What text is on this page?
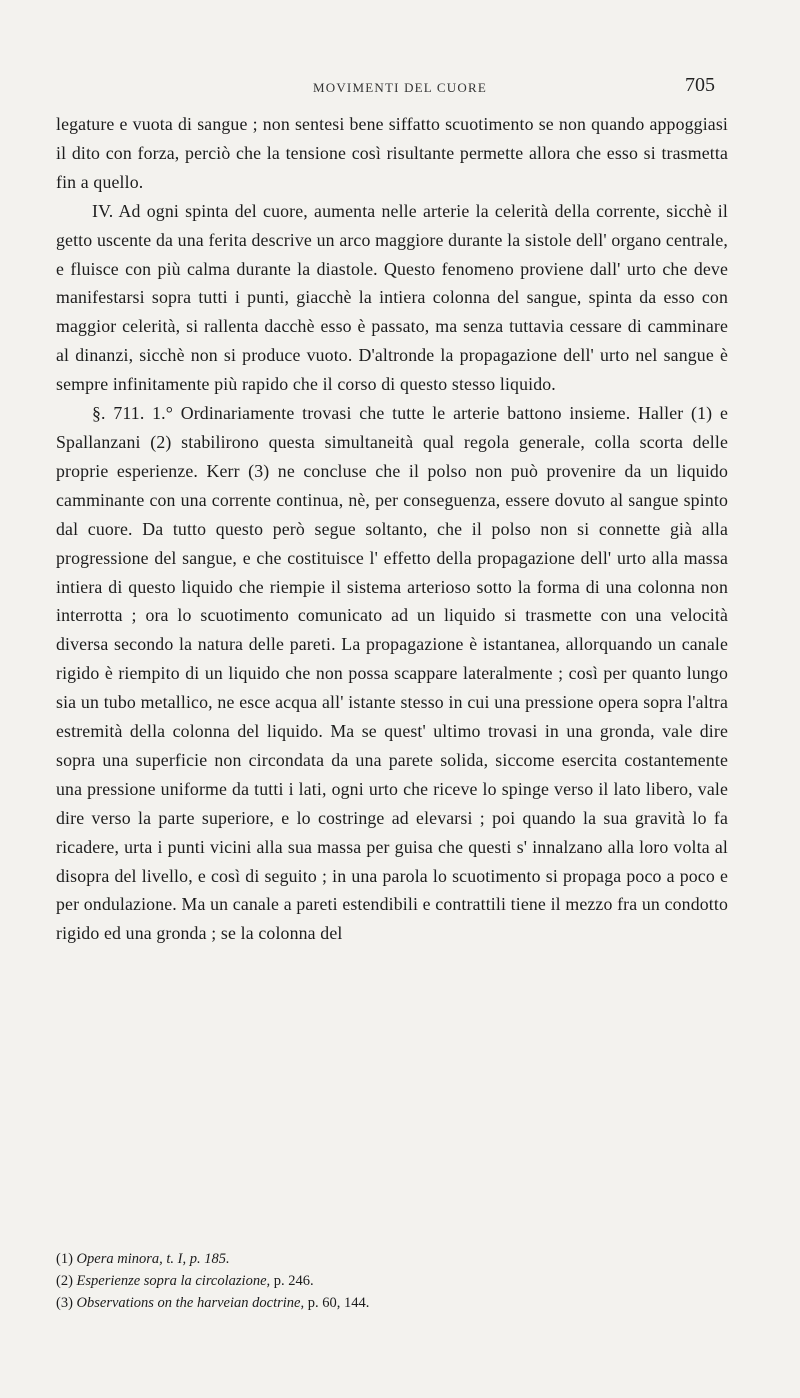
MOVIMENTI DEL CUORE	705

legature e vuota di sangue ; non sentesi bene siffatto scuotimento se non quando appoggiasi il dito con forza, perciò che la tensione così risultante permette allora che esso si trasmetta fin a quello.

IV. Ad ogni spinta del cuore, aumenta nelle arterie la celerità della corrente, sicchè il getto uscente da una ferita descrive un arco maggiore durante la sistole dell' organo centrale, e fluisce con più calma durante la diastole. Questo fenomeno proviene dall' urto che deve manifestarsi sopra tutti i punti, giacchè la intiera colonna del sangue, spinta da esso con maggior celerità, si rallenta dacchè esso è passato, ma senza tuttavia cessare di camminare al dinanzi, sicchè non si produce vuoto. D'altronde la propagazione dell' urto nel sangue è sempre infinitamente più rapido che il corso di questo stesso liquido.

§. 711. 1.° Ordinariamente trovasi che tutte le arterie battono insieme. Haller (1) e Spallanzani (2) stabilirono questa simultaneità qual regola generale, colla scorta delle proprie esperienze. Kerr (3) ne concluse che il polso non può provenire da un liquido camminante con una corrente continua, nè, per conseguenza, essere dovuto al sangue spinto dal cuore. Da tutto questo però segue soltanto, che il polso non si connette già alla progressione del sangue, e che costituisce l' effetto della propagazione dell' urto alla massa intiera di questo liquido che riempie il sistema arterioso sotto la forma di una colonna non interrotta ; ora lo scuotimento comunicato ad un liquido si trasmette con una velocità diversa secondo la natura delle pareti. La propagazione è istantanea, allorquando un canale rigido è riempito di un liquido che non possa scappare lateralmente ; così per quanto lungo sia un tubo metallico, ne esce acqua all' istante stesso in cui una pressione opera sopra l'altra estremità della colonna del liquido. Ma se quest' ultimo trovasi in una gronda, vale dire sopra una superficie non circondata da una parete solida, siccome esercita costantemente una pressione uniforme da tutti i lati, ogni urto che riceve lo spinge verso il lato libero, vale dire verso la parte superiore, e lo costringe ad elevarsi ; poi quando la sua gravità lo fa ricadere, urta i punti vicini alla sua massa per guisa che questi s' innalzano alla loro volta al disopra del livello, e così di seguito ; in una parola lo scuotimento si propaga poco a poco e per ondulazione. Ma un canale a pareti estendibili e contrattili tiene il mezzo fra un condotto rigido ed una gronda ; se la colonna del

(1) Opera minora, t. I, p. 185.
(2) Esperienze sopra la circolazione, p. 246.
(3) Observations on the harveian doctrine, p. 60, 144.
